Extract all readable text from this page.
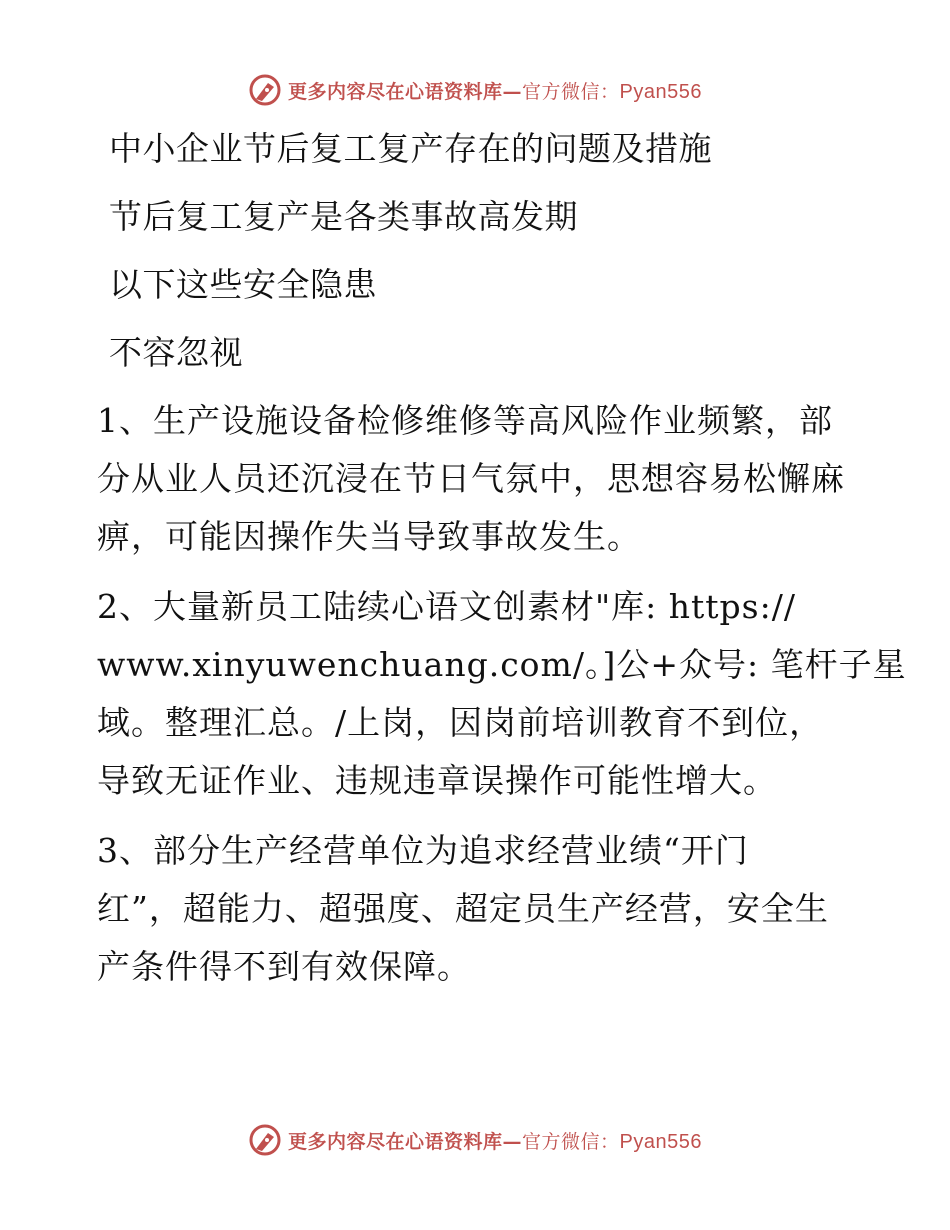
更多内容尽在心语资料库—官方微信：Pyan556
中小企业节后复工复产存在的问题及措施
节后复工复产是各类事故高发期
以下这些安全隐患
不容忽视
1、生产设施设备检修维修等高风险作业频繁，部
分从业人员还沉浸在节日气氛中，思想容易松懈麻
痹，可能因操作失当导致事故发生。
2、大量新员工陆续心语文创素材"库: https://
www.xinyuwenchuang.com/。]公+众号: 笔杆子星
域。整理汇总。/上岗，因岗前培训教育不到位，
导致无证作业、违规违章误操作可能性增大。
3、部分生产经营单位为追求经营业绩“开门
红”，超能力、超强度、超定员生产经营，安全生
产条件得不到有效保障。
更多内容尽在心语资料库—官方微信：Pyan556
